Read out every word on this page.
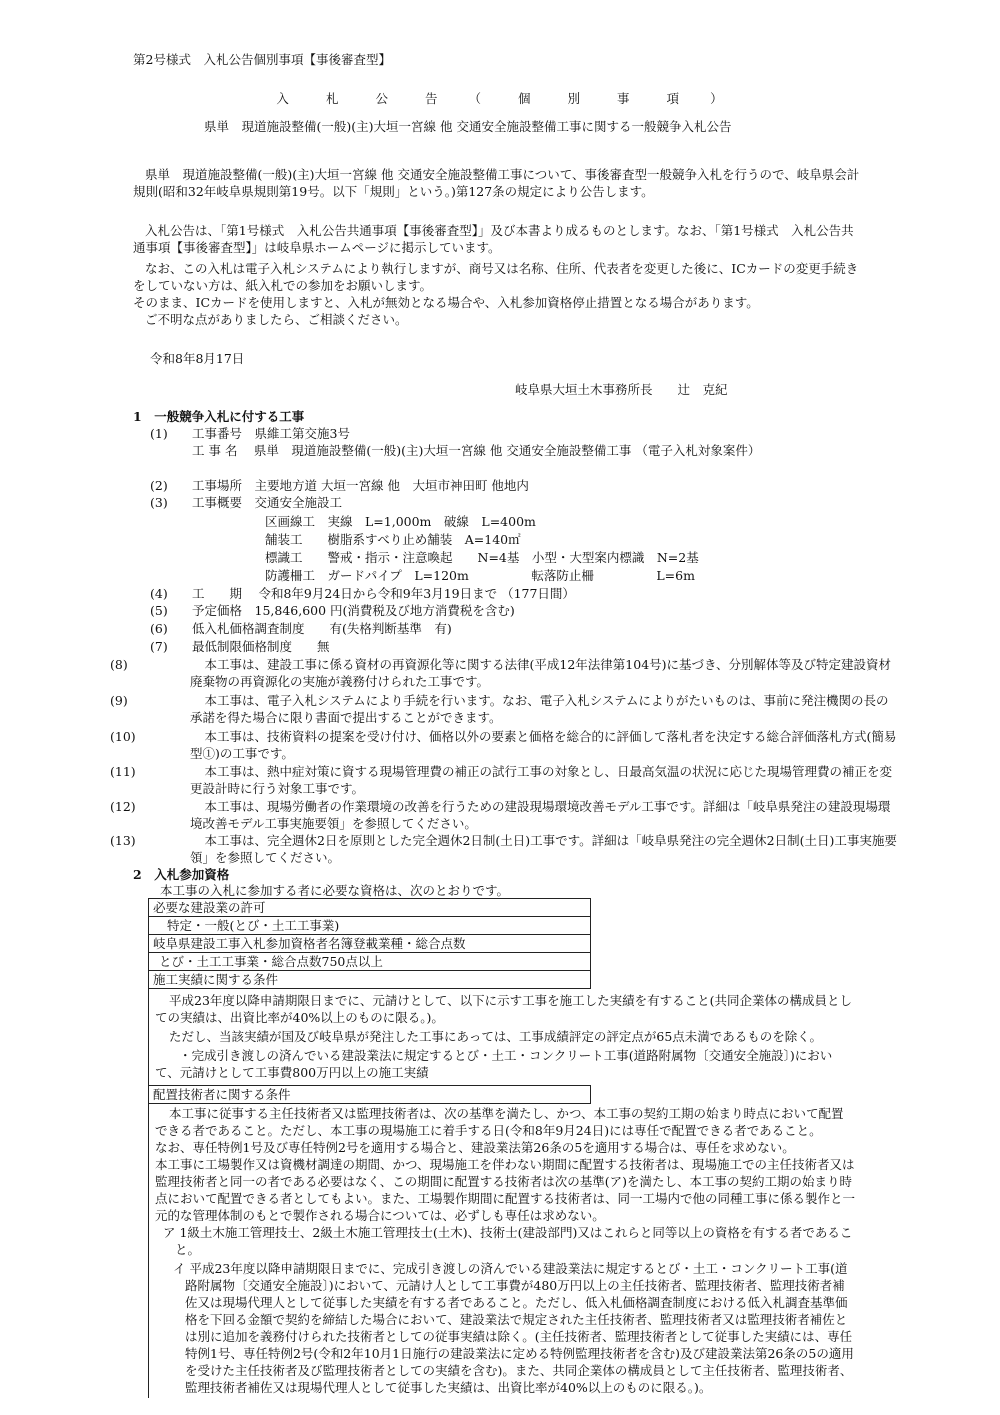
第2号様式　入札公告個別事項【事後審査型】
入	札	公	告 （	個	別	事	項 ）
県単　現道施設整備(一般)(主)大垣一宮線 他 交通安全施設整備工事に関する一般競争入札公告
県単　現道施設整備(一般)(主)大垣一宮線 他 交通安全施設整備工事について、事後審査型一般競争入札を行うので、岐阜県会計規則(昭和32年岐阜県規則第19号。以下「規則」という。)第127条の規定により公告します。
入札公告は、「第1号様式　入札公告共通事項【事後審査型】」及び本書より成るものとします。なお、「第1号様式　入札公告共通事項【事後審査型】」は岐阜県ホームページに掲示しています。
なお、この入札は電子入札システムにより執行しますが、商号又は名称、住所、代表者を変更した後に、ICカードの変更手続きをしていない方は、紙入札での参加をお願いします。
そのまま、ICカードを使用しますと、入札が無効となる場合や、入札参加資格停止措置となる場合があります。
ご不明な点がありましたら、ご相談ください。
令和8年8月17日
岐阜県大垣土木事務所長　　辻　克紀
1　一般競争入札に付する工事
(1) 工事番号　県維工第交施3号
工 事 名　 県単　現道施設整備(一般)(主)大垣一宮線 他 交通安全施設整備工事 （電子入札対象案件）
(2) 工事場所　主要地方道 大垣一宮線 他　大垣市神田町 他地内
(3) 工事概要　交通安全施設工
区画線工　実線　L=1,000m　破線　L=400m
舗装工　　樹脂系すべり止め舗装　A=140㎡
標識工　　警戒・指示・注意喚起　　N=4基　小型・大型案内標識　N=2基
防護柵工　ガードパイプ　L=120m　　　　　転落防止柵　　　　　L=6m
(4) 工　　期　 令和8年9月24日から令和9年3月19日まで （177日間）
(5) 予定価格　15,846,600 円(消費税及び地方消費税を含む)
(6) 低入札価格調査制度　　有(失格判断基準　有)
(7) 最低制限価格制度　　無
(8)	　本工事は、建設工事に係る資材の再資源化等に関する法律(平成12年法律第104号)に基づき、分別解体等及び特定建設資材廃棄物の再資源化の実施が義務付けられた工事です。
(9)	　本工事は、電子入札システムにより手続を行います。なお、電子入札システムによりがたいものは、事前に発注機関の長の承諾を得た場合に限り書面で提出することができます。
(10)	　本工事は、技術資料の提案を受け付け、価格以外の要素と価格を総合的に評価して落札者を決定する総合評価落札方式(簡易型①)の工事です。
(11)	　本工事は、熱中症対策に資する現場管理費の補正の試行工事の対象とし、日最高気温の状況に応じた現場管理費の補正を変更設計時に行う対象工事です。
(12)	　本工事は、現場労働者の作業環境の改善を行うための建設現場環境改善モデル工事です。詳細は「岐阜県発注の建設現場環境改善モデル工事実施要領」を参照してください。
(13)	　本工事は、完全週休2日を原則とした完全週休2日制(土日)工事です。詳細は「岐阜県発注の完全週休2日制(土日)工事実施要領」を参照してください。
2　入札参加資格
本工事の入札に参加する者に必要な資格は、次のとおりです。
必要な建設業の許可
特定・一般(とび・土工工事業)
岐阜県建設工事入札参加資格者名簿登載業種・総合点数
とび・土工工事業・総合点数750点以上
施工実績に関する条件
平成23年度以降申請期限日までに、元請けとして、以下に示す工事を施工した実績を有すること(共同企業体の構成員としての実績は、出資比率が40%以上のものに限る。)。
ただし、当該実績が国及び岐阜県が発注した工事にあっては、工事成績評定の評定点が65点未満であるものを除く。
・完成引き渡しの済んでいる建設業法に規定するとび・土工・コンクリート工事(道路附属物〔交通安全施設〕)において、元請けとして工事費800万円以上の施工実績
配置技術者に関する条件
本工事に従事する主任技術者又は監理技術者は、次の基準を満たし、かつ、本工事の契約工期の始まり時点において配置できる者であること。ただし、本工事の現場施工に着手する日(令和8年9月24日)には専任で配置できる者であること。
なお、専任特例1号及び専任特例2号を適用する場合と、建設業法第26条の5を適用する場合は、専任を求めない。
本工事に工場製作又は資機材調達の期間、かつ、現場施工を伴わない期間に配置する技術者は、現場施工での主任技術者又は監理技術者と同一の者である必要はなく、この期間に配置する技術者は次の基準(ア)を満たし、本工事の契約工期の始まり時点において配置できる者としてもよい。また、工場製作期間に配置する技術者は、同一工場内で他の同種工事に係る製作と一元的な管理体制のもとで製作される場合については、必ずしも専任は求めない。
ア 1級土木施工管理技士、2級土木施工管理技士(土木)、技術士(建設部門)又はこれらと同等以上の資格を有する者であること。
イ 平成23年度以降申請期限日までに、完成引き渡しの済んでいる建設業法に規定するとび・土工・コンクリート工事(道路附属物〔交通安全施設〕)において、元請け人として工事費が480万円以上の主任技術者、監理技術者、監理技術者補佐又は現場代理人として従事した実績を有する者であること。ただし、低入札価格調査制度における低入札調査基準価格を下回る金額で契約を締結した場合において、建設業法で規定された主任技術者、監理技術者又は監理技術者補佐とは別に追加を義務付けられた技術者としての従事実績は除く。(主任技術者、監理技術者として従事した実績には、専任特例1号、専任特例2号(令和2年10月1日施行の建設業法に定める特例監理技術者を含む)及び建設業法第26条の5の適用を受けた主任技術者及び監理技術者としての実績を含む)。また、共同企業体の構成員として主任技術者、監理技術者、監理技術者補佐又は現場代理人として従事した実績は、出資比率が40%以上のものに限る。)。
